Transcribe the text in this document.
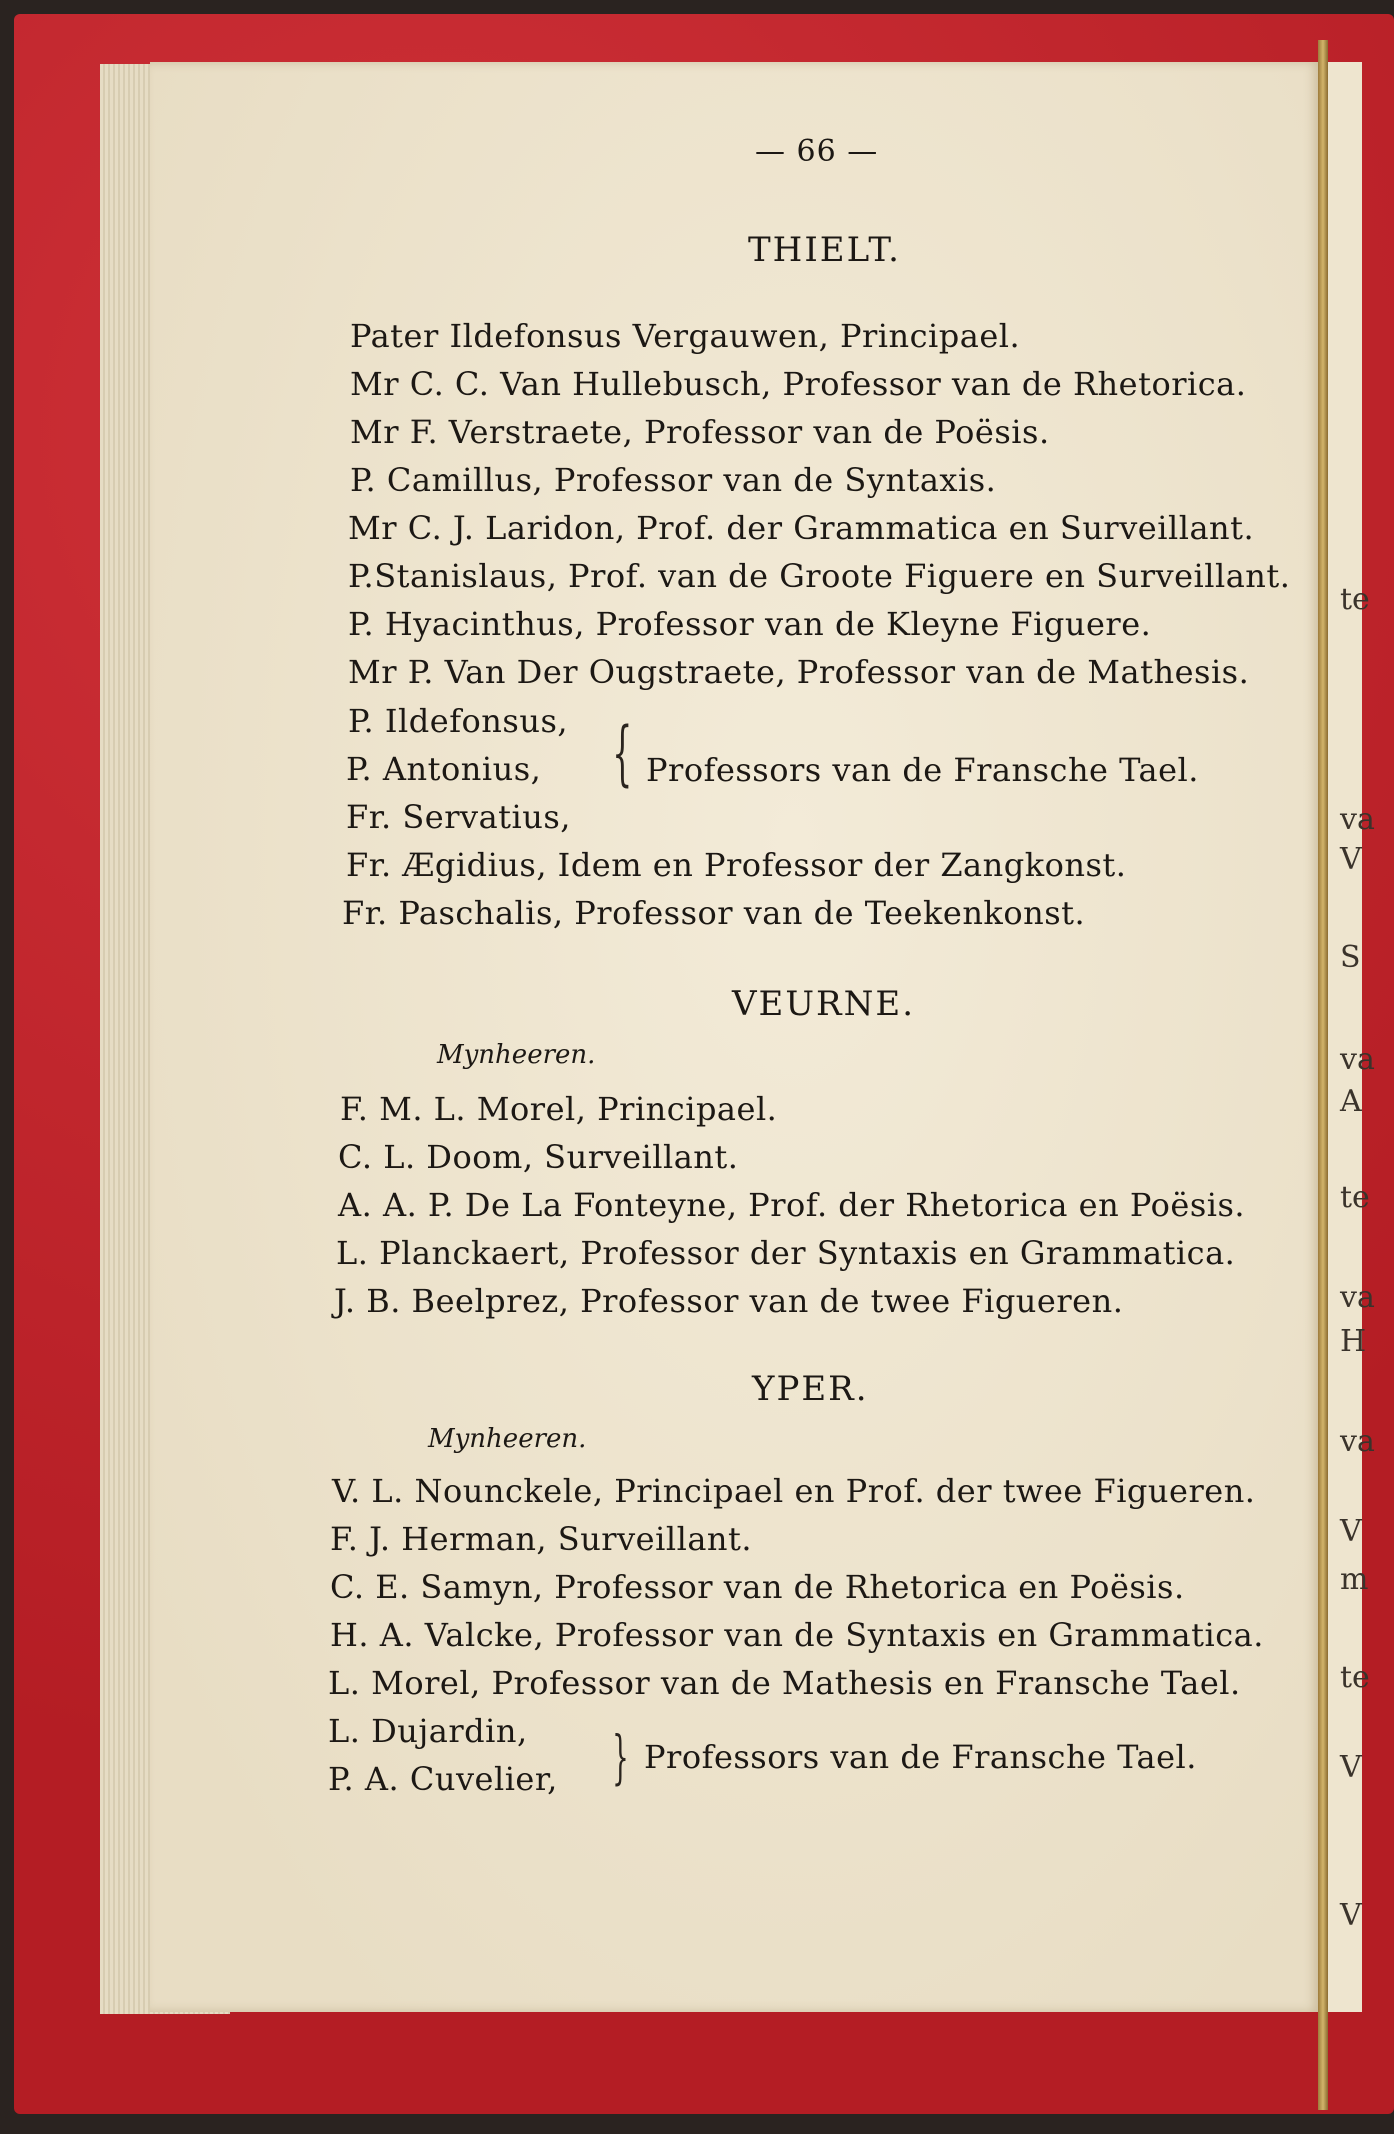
te
va
V
S
va
A
te
va
H
va
V
m
te
V
V
— 66 —
THIELT.
Pater Ildefonsus Vergauwen, Principael.
Mr C. C. Van Hullebusch, Professor van de Rhetorica.
Mr F. Verstraete, Professor van de Poësis.
P. Camillus, Professor van de Syntaxis.
Mr C. J. Laridon, Prof. der Grammatica en Surveillant.
P.Stanislaus, Prof. van de Groote Figuere en Surveillant.
P. Hyacinthus, Professor van de Kleyne Figuere.
Mr P. Van Der Ougstraete, Professor van de Mathesis.
P. Ildefonsus,
P. Antonius,
Fr. Servatius,
{ Professors van de Fransche Tael.
Fr. Ægidius, Idem en Professor der Zangkonst.
Fr. Paschalis, Professor van de Teekenkonst.
VEURNE.
Mynheeren.
F. M. L. Morel, Principael.
C. L. Doom, Surveillant.
A. A. P. De La Fonteyne, Prof. der Rhetorica en Poësis.
L. Planckaert, Professor der Syntaxis en Grammatica.
J. B. Beelprez, Professor van de twee Figueren.
YPER.
Mynheeren.
V. L. Nounckele, Principael en Prof. der twee Figueren.
F. J. Herman, Surveillant.
C. E. Samyn, Professor van de Rhetorica en Poësis.
H. A. Valcke, Professor van de Syntaxis en Grammatica.
L. Morel, Professor van de Mathesis en Fransche Tael.
L. Dujardin,
P. A. Cuvelier, } Professors van de Fransche Tael.
